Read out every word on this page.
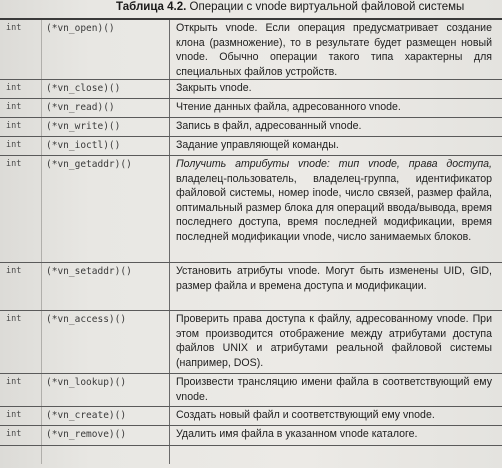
Таблица 4.2. Операции с vnode виртуальной файловой системы
int	(*vn_open)()	Открыть vnode. Если операция предусматривает создание клона (размножение), то в результате будет размещен новый vnode. Обычно операции такого типа характерны для специальных файлов устройств.
int	(*vn_close)()	Закрыть vnode.
int	(*vn_read)()	Чтение данных файла, адресованного vnode.
int	(*vn_write)()	Запись в файл, адресованный vnode.
int	(*vn_ioctl)()	Задание управляющей команды.
int	(*vn_getaddr)()	Получить атрибуты vnode: тип vnode, права доступа, владелец-пользователь, владелец-группа, идентификатор файловой системы, номер inode, число связей, размер файла, оптимальный размер блока для операций ввода/вывода, время последнего доступа, время последней модификации, время последней модификации vnode, число занимаемых блоков.
int	(*vn_setaddr)()	Установить атрибуты vnode. Могут быть изменены UID, GID, размер файла и времена доступа и модификации.
int	(*vn_access)()	Проверить права доступа к файлу, адресованному vnode. При этом производится отображение между атрибутами доступа файлов UNIX и атрибутами реальной файловой системы (например, DOS).
int	(*vn_lookup)()	Произвести трансляцию имени файла в соответствующий ему vnode.
int	(*vn_create)()	Создать новый файл и соответствующий ему vnode.
int	(*vn_remove)()	Удалить имя файла в указанном vnode каталоге.
